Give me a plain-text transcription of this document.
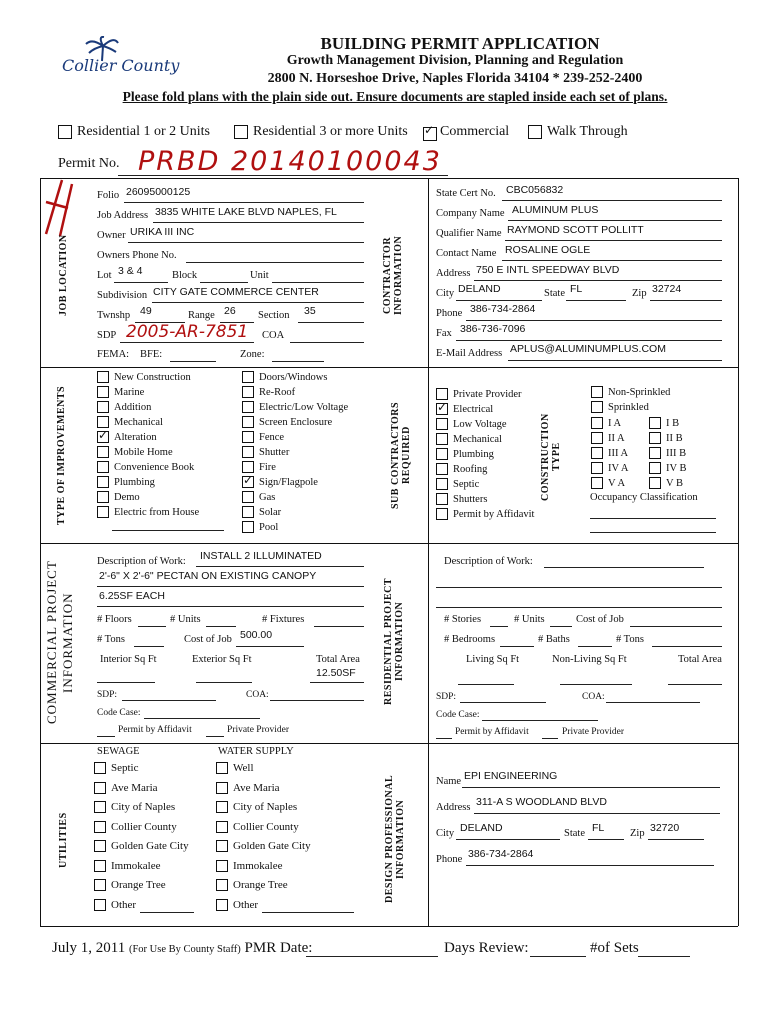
Collier County
BUILDING PERMIT APPLICATION
Growth Management Division, Planning and Regulation
2800 N. Horseshoe Drive, Naples Florida 34104 * 239-252-2400
Please fold plans with the plain side out. Ensure documents are stapled inside each set of plans.
Residential 1 or 2 Units	Residential 3 or more Units ✓ Commercial	Walk Through
Permit No. PRBD 20140100043
JOB LOCATION
Folio 26095000125
Job Address 3835 WHITE LAKE BLVD NAPLES, FL
Owner URIKA III INC
Owners Phone No.
Lot 3 & 4	Block	Unit
Subdivision CITY GATE COMMERCE CENTER
Twnshp 49	Range 26 Section 35
SDP 2005-AR-7851 COA
FEMA: BFE:	Zone:
CONTRACTOR INFORMATION
State Cert No. CBC056832
Company Name ALUMINUM PLUS
Qualifier Name RAYMOND SCOTT POLLITT
Contact Name ROSALINE OGLE
Address 750 E INTL SPEEDWAY BLVD
City DELAND	State FL	Zip 32724
Phone 386-734-2864
Fax 386-736-7096
E-Mail Address APLUS@ALUMINUMPLUS.COM
TYPE OF IMPROVEMENTS
New Construction
Marine
Addition
Mechanical
✓ Alteration
Mobile Home
Convenience Book
Plumbing
Demo
Electric from House
Doors/Windows
Re-Roof
Electric/Low Voltage
Screen Enclosure
Fence
Shutter
Fire
✓ Sign/Flagpole
Gas
Solar
Pool
SUB CONTRACTORS REQUIRED
Private Provider
✓ Electrical
Low Voltage
Mechanical
Plumbing
Roofing
Septic
Shutters
Permit by Affidavit
CONSTRUCTION TYPE
Non-Sprinkled
Sprinkled
I A
II A
III A
IV A
V A
I B
II B
III B
IV B
V B
Occupancy Classification
COMMERCIAL PROJECT INFORMATION
Description of Work: INSTALL 2 ILLUMINATED
2'-6" X 2'-6" PECTAN ON EXISTING CANOPY
6.25SF EACH
# Floors	# Units	# Fixtures
# Tons	Cost of Job 500.00
Interior Sq Ft	Exterior Sq Ft	Total Area
12.50SF
SDP:	COA:
Code Case:
Permit by Affidavit	Private Provider
RESIDENTIAL PROJECT INFORMATION
Description of Work:
# Stories	# Units	Cost of Job
# Bedrooms	# Baths	# Tons
Living Sq Ft	Non-Living Sq Ft	Total Area
SDP:	COA:
Code Case:
Permit by Affidavit	Private Provider
UTILITIES
SEWAGE	WATER SUPPLY
Septic
Ave Maria
City of Naples
Collier County
Golden Gate City
Immokalee
Orange Tree
Other
Well
Ave Maria
City of Naples
Collier County
Golden Gate City
Immokalee
Orange Tree
Other
DESIGN PROFESSIONAL INFORMATION
Name EPI ENGINEERING
Address 311-A S WOODLAND BLVD
City DELAND	State FL Zip 32720
Phone 386-734-2864
July 1, 2011 (For Use By County Staff) PMR Date:	Days Review:	#of Sets
